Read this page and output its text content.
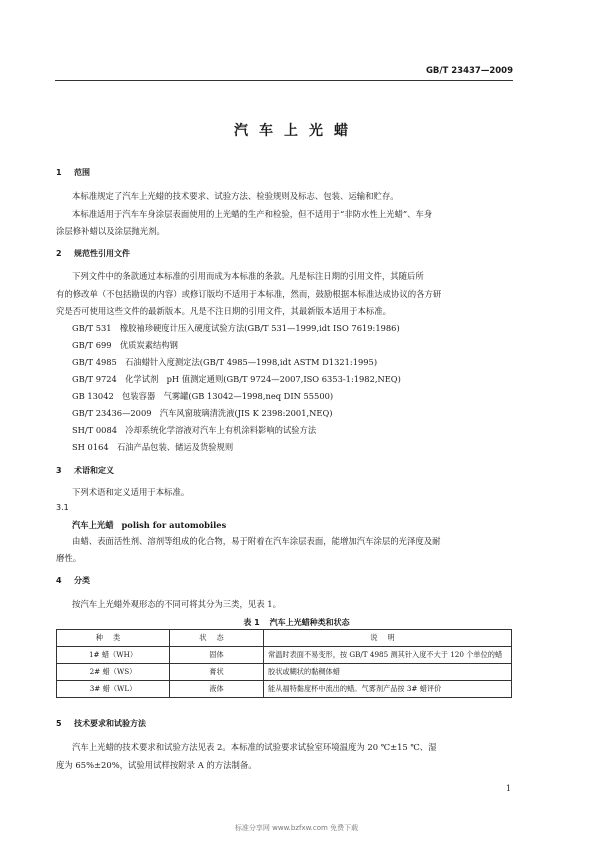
GB/T 23437—2009
汽车上光蜡
1 范围
本标准规定了汽车上光蜡的技术要求、试验方法、检验规则及标志、包装、运输和贮存。
本标准适用于汽车车身涂层表面使用的上光蜡的生产和检验，但不适用于“非防水性上光蜡”、车身
涂层修补蜡以及涂层抛光剂。
2 规范性引用文件
下列文件中的条款通过本标准的引用而成为本标准的条款。凡是标注日期的引用文件，其随后所
有的修改单（不包括勘误的内容）或修订版均不适用于本标准，然而，鼓励根据本标准达成协议的各方研
究是否可使用这些文件的最新版本。凡是不注日期的引用文件，其最新版本适用于本标准。
GB/T 531　橡胶袖珍硬度计压入硬度试验方法(GB/T 531—1999,idt ISO 7619:1986)
GB/T 699　优质炭素结构钢
GB/T 4985　石油蜡针入度测定法(GB/T 4985—1998,idt ASTM D1321:1995)
GB/T 9724　化学试剂　pH 值测定通则(GB/T 9724—2007,ISO 6353-1:1982,NEQ)
GB 13042　包装容器　气雾罐(GB 13042—1998,neq DIN 55500)
GB/T 23436—2009　汽车风窗玻璃清洗液(JIS K 2398:2001,NEQ)
SH/T 0084　冷却系统化学溶液对汽车上有机涂料影响的试验方法
SH 0164　石油产品包装、储运及货验规则
3 术语和定义
下列术语和定义适用于本标准。
3.1
汽车上光蜡 polish for automobiles
由蜡、表面活性剂、溶剂等组成的化合物，易于附着在汽车涂层表面，能增加汽车涂层的光泽度及耐
磨性。
4 分类
按汽车上光蜡外观形态的不同可将其分为三类，见表 1。
表 1 汽车上光蜡种类和状态
种类	状态	说明
1# 蜡（WH）	固体	常温时表面不易变形，按 GB/T 4985 测其针入度不大于 120 个单位的蜡
2# 蜡（WS）	膏状	胶状或糊状的黏稠体蜡
3# 蜡（WL）	液体	能从福特黏度杯中流出的蜡。气雾剂产品按 3# 蜡评价
5 技术要求和试验方法
汽车上光蜡的技术要求和试验方法见表 2。本标准的试验要求试验室环境温度为 20 ℃±15 ℃、湿
度为 65%±20%，试验用试样按附录 A 的方法制备。
1
标准分享网 www.bzfxw.com 免费下载
